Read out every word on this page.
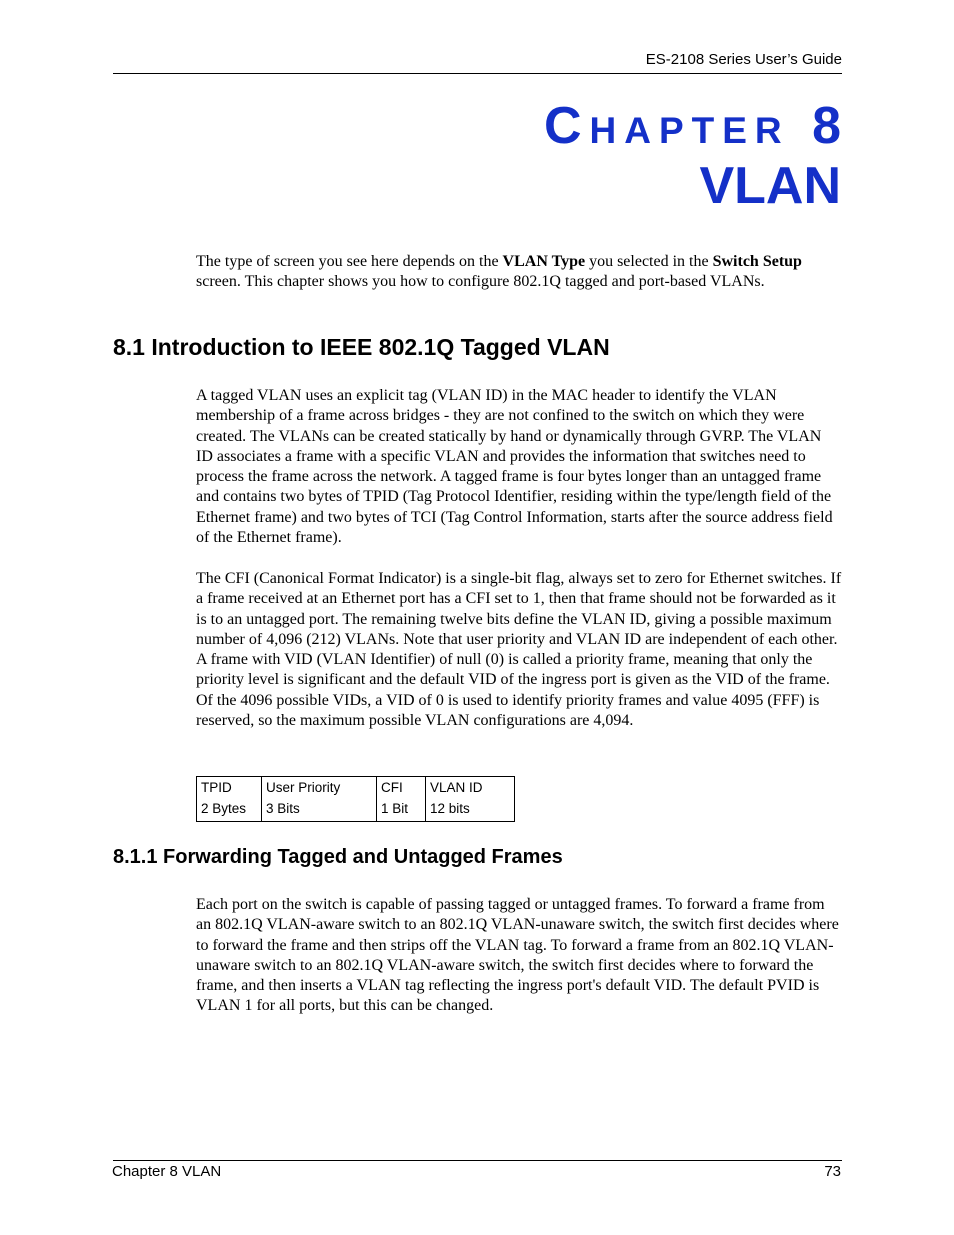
ES-2108 Series User’s Guide
CHAPTER 8
VLAN

The type of screen you see here depends on the VLAN Type you selected in the Switch Setup screen. This chapter shows you how to configure 802.1Q tagged and port-based VLANs.

8.1 Introduction to IEEE 802.1Q Tagged VLAN

A tagged VLAN uses an explicit tag (VLAN ID) in the MAC header to identify the VLAN membership of a frame across bridges - they are not confined to the switch on which they were created. The VLANs can be created statically by hand or dynamically through GVRP. The VLAN ID associates a frame with a specific VLAN and provides the information that switches need to process the frame across the network. A tagged frame is four bytes longer than an untagged frame and contains two bytes of TPID (Tag Protocol Identifier, residing within the type/length field of the Ethernet frame) and two bytes of TCI (Tag Control Information, starts after the source address field of the Ethernet frame).

The CFI (Canonical Format Indicator) is a single-bit flag, always set to zero for Ethernet switches. If a frame received at an Ethernet port has a CFI set to 1, then that frame should not be forwarded as it is to an untagged port. The remaining twelve bits define the VLAN ID, giving a possible maximum number of 4,096 (212) VLANs. Note that user priority and VLAN ID are independent of each other. A frame with VID (VLAN Identifier) of null (0) is called a priority frame, meaning that only the priority level is significant and the default VID of the ingress port is given as the VID of the frame. Of the 4096 possible VIDs, a VID of 0 is used to identify priority frames and value 4095 (FFF) is reserved, so the maximum possible VLAN configurations are 4,094.

TPID	User Priority	CFI	VLAN ID
2 Bytes	3 Bits	1 Bit	12 bits
8.1.1 Forwarding Tagged and Untagged Frames

Each port on the switch is capable of passing tagged or untagged frames. To forward a frame from an 802.1Q VLAN-aware switch to an 802.1Q VLAN-unaware switch, the switch first decides where to forward the frame and then strips off the VLAN tag. To forward a frame from an 802.1Q VLAN-unaware switch to an 802.1Q VLAN-aware switch, the switch first decides where to forward the frame, and then inserts a VLAN tag reflecting the ingress port's default VID. The default PVID is VLAN 1 for all ports, but this can be changed.

Chapter 8 VLAN	73
